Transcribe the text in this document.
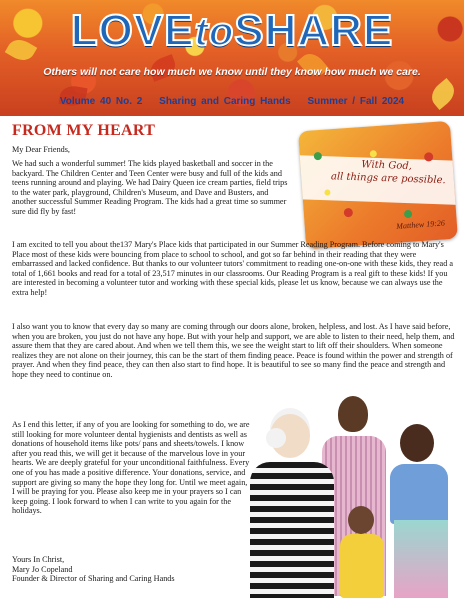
LOVEtoSHARE
Others will not care how much we know until they know how much we care.
Volume 40 No. 2 Sharing and Caring Hands Summer / Fall 2024
FROM MY HEART
With God,
all things are possible.
Matthew 19:26

My Dear Friends,

We had such a wonderful summer! The kids played basketball and soccer in the backyard. The Children Center and Teen Center were busy and full of the kids and teens running around and playing. We had Dairy Queen ice cream parties, field trips to the water park, playground, Children's Museum, and Dave and Busters, and another successful Summer Reading Program. The kids had a great time so summer sure did fly by fast!

I am excited to tell you about the137 Mary's Place kids that participated in our Summer Reading Program. Before coming to Mary's Place most of these kids were bouncing from place to school to school, and got so far behind in their reading that they were embarrassed and lacked confidence. But thanks to our volunteer tutors' commitment to reading one-on-one with these kids, they read a total of 1,661 books and read for a total of 23,517 minutes in our classrooms. Our Reading Program is a real gift to these kids! If you are interested in becoming a volunteer tutor and working with these special kids, please let us know, because we can always use the extra help!

I also want you to know that every day so many are coming through our doors alone, broken, helpless, and lost. As I have said before, when you are broken, you just do not have any hope. But with your help and support, we are able to listen to their need, help them, and assure them that they are cared about. And when we tell them this, we see the weight start to lift off their shoulders. When someone realizes they are not alone on their journey, this can be the start of them finding peace. Peace is found within the power and strength of prayer. And when they find peace, they can then also start to find hope. It is beautiful to see so many find the peace and strength and hope they need to continue on.

As I end this letter, if any of you are looking for something to do, we are still looking for more volunteer dental hygienists and dentists as well as donations of household items like pots/ pans and sheets/towels. I know after you read this, we will get it because of the marvelous love in your hearts. We are deeply grateful for your unconditional faithfulness. Every one of you has made a positive difference. Your donations, service, and support are giving so many the hope they long for. Until we meet again, I will be praying for you. Please also keep me in your prayers so I can keep going. I look forward to when I can write to you again for the holidays.

Yours In Christ,

Mary Jo Copeland

Founder & Director of Sharing and Caring Hands
